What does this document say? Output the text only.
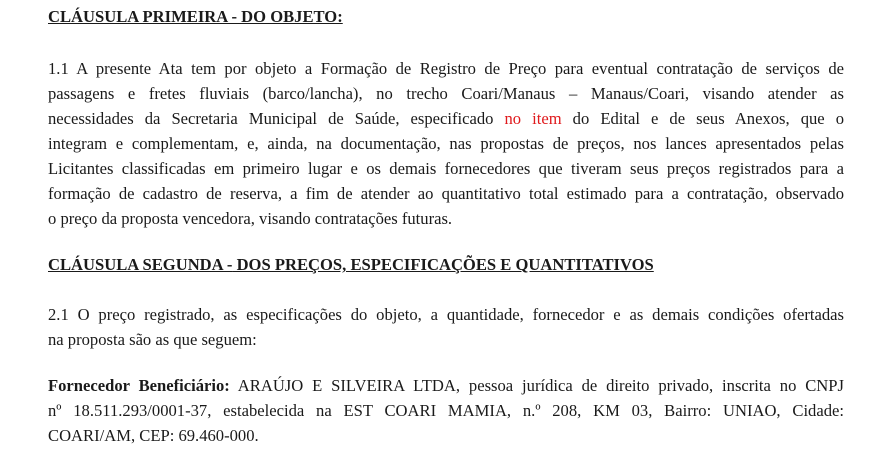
CLÁUSULA PRIMEIRA - DO OBJETO:
1.1 A presente Ata tem por objeto a Formação de Registro de Preço para eventual contratação de serviços de
passagens e fretes fluviais (barco/lancha), no trecho Coari/Manaus – Manaus/Coari, visando atender as
necessidades da Secretaria Municipal de Saúde, especificado no item do Edital e de seus Anexos, que o
integram e complementam, e, ainda, na documentação, nas propostas de preços, nos lances apresentados pelas
Licitantes classificadas em primeiro lugar e os demais fornecedores que tiveram seus preços registrados para a
formação de cadastro de reserva, a fim de atender ao quantitativo total estimado para a contratação, observado
o preço da proposta vencedora, visando contratações futuras.
CLÁUSULA SEGUNDA - DOS PREÇOS, ESPECIFICAÇÕES E QUANTITATIVOS
2.1 O preço registrado, as especificações do objeto, a quantidade, fornecedor e as demais condições ofertadas
na proposta são as que seguem:
Fornecedor Beneficiário: ARAÚJO E SILVEIRA LTDA, pessoa jurídica de direito privado, inscrita no CNPJ
nº 18.511.293/0001-37, estabelecida na EST COARI MAMIA, n.º 208, KM 03, Bairro: UNIAO, Cidade:
COARI/AM, CEP: 69.460-000.
